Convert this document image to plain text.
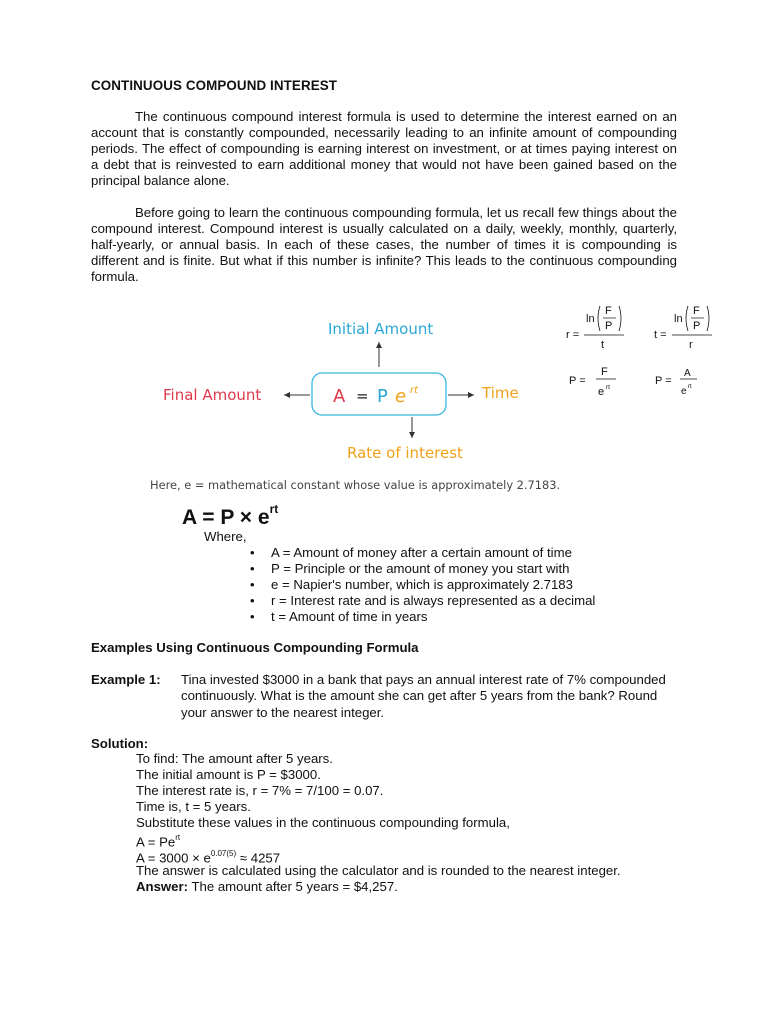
CONTINUOUS COMPOUND INTEREST
The continuous compound interest formula is used to determine the interest earned on an account that is constantly compounded, necessarily leading to an infinite amount of compounding periods. The effect of compounding is earning interest on investment, or at times paying interest on a debt that is reinvested to earn additional money that would not have been gained based on the principal balance alone.
Before going to learn the continuous compounding formula, let us recall few things about the compound interest. Compound interest is usually calculated on a daily, weekly, monthly, quarterly, half-yearly, or annual basis. In each of these cases, the number of times it is compounding is different and is finite. But what if this number is infinite? This leads to the continuous compounding formula.
Initial Amount
A = P e rt
Final Amount	Time
Rate of interest
Here, e = mathematical constant whose value is approximately 2.7183.
r =
ln
F
P
t
t =
ln
F
P
r
P =
F
e rt
P =
A
e rt
$A = P \times e^{rt}$
Where,
• A = Amount of money after a certain amount of time
• P = Principle or the amount of money you start with
• e = Napier's number, which is approximately 2.7183
• r = Interest rate and is always represented as a decimal
• t = Amount of time in years
Examples Using Continuous Compounding Formula
Example 1: Tina invested $3000 in a bank that pays an annual interest rate of 7% compounded continuously. What is the amount she can get after 5 years from the bank? Round your answer to the nearest integer.
Solution:
To find: The amount after 5 years.
The initial amount is P = $3000.
The interest rate is, r = 7% = 7/100 = 0.07.
Time is, t = 5 years.
Substitute these values in the continuous compounding formula,
$A = Pe^{rt}$
$A = 3000 \times e^{0.07(5)} \approx 4257$
The answer is calculated using the calculator and is rounded to the nearest integer.
Answer: The amount after 5 years = $4,257.
